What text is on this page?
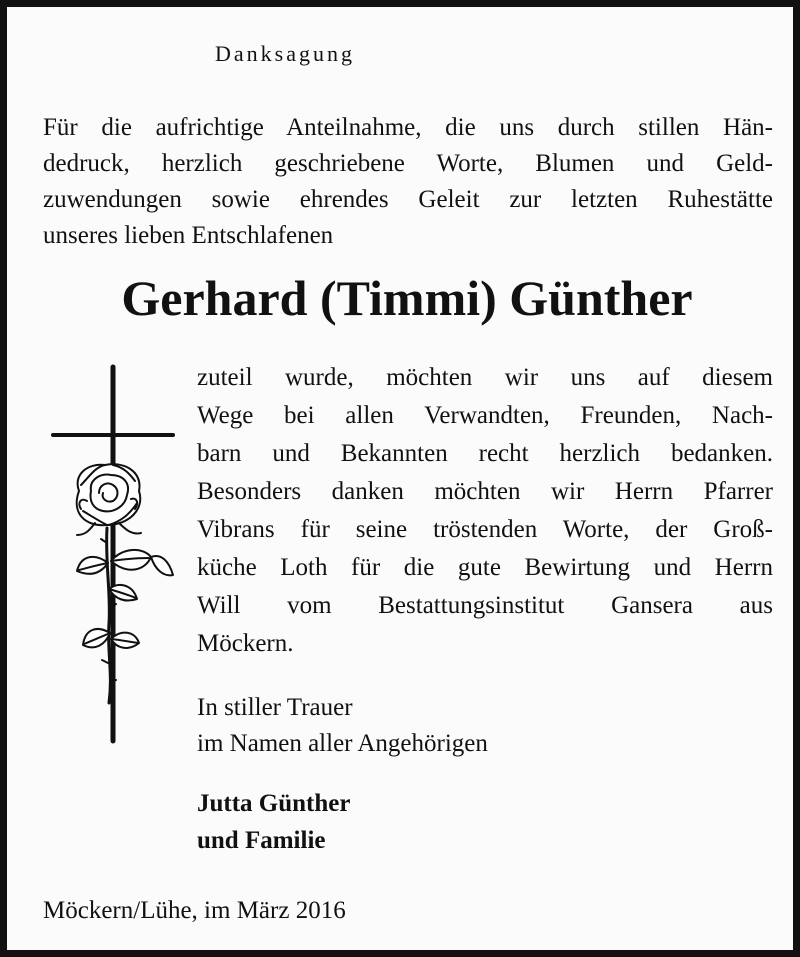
Danksagung
Für die aufrichtige Anteilnahme, die uns durch stillen Hän-
dedruck, herzlich geschriebene Worte, Blumen und Geld-
zuwendungen sowie ehrendes Geleit zur letzten Ruhestätte
unseres lieben Entschlafenen
Gerhard (Timmi) Günther
zuteil wurde, möchten wir uns auf diesem
Wege bei allen Verwandten, Freunden, Nach-
barn und Bekannten recht herzlich bedanken.
Besonders danken möchten wir Herrn Pfarrer
Vibrans für seine tröstenden Worte, der Groß-
küche Loth für die gute Bewirtung und Herrn
Will vom Bestattungsinstitut Gansera aus
Möckern.
In stiller Trauer
im Namen aller Angehörigen
Jutta Günther
und Familie
Möckern/Lühe, im März 2016
